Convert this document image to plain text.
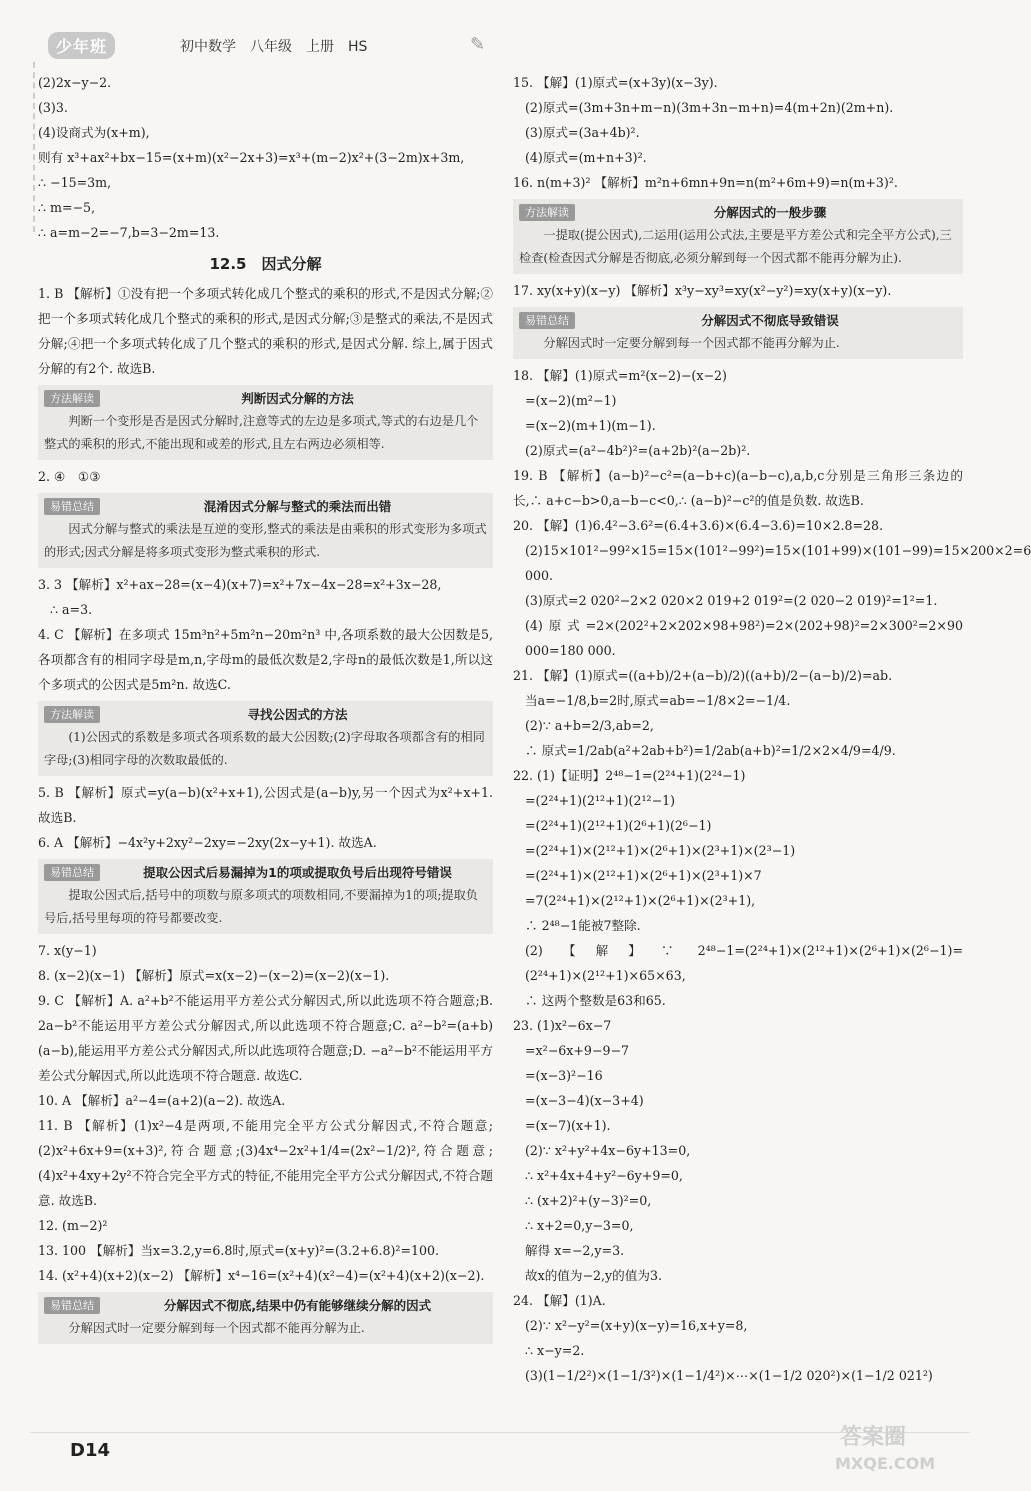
少年班	初中数学　八年级　上册　HS	✎
(2)2x−y−2.
(3)3.
(4)设商式为(x+m),
则有 x³+ax²+bx−15=(x+m)(x²−2x+3)=x³+(m−2)x²+(3−2m)x+3m,
∴ −15=3m,
∴ m=−5,
∴ a=m−2=−7,b=3−2m=13.
12.5　因式分解
1. B 【解析】①没有把一个多项式转化成几个整式的乘积的形式,不是因式分解;②把一个多项式转化成几个整式的乘积的形式,是因式分解;③是整式的乘法,不是因式分解;④把一个多项式转化成了几个整式的乘积的形式,是因式分解. 综上,属于因式分解的有2个. 故选B.
方法解读	判断因式分解的方法
判断一个变形是否是因式分解时,注意等式的左边是多项式,等式的右边是几个整式的乘积的形式,不能出现和或差的形式,且左右两边必须相等.
2. ④　①③
易错总结	混淆因式分解与整式的乘法而出错
因式分解与整式的乘法是互逆的变形,整式的乘法是由乘积的形式变形为多项式的形式;因式分解是将多项式变形为整式乘积的形式.
3. 3 【解析】x²+ax−28=(x−4)(x+7)=x²+7x−4x−28=x²+3x−28,
∴ a=3.
4. C 【解析】在多项式 15m³n²+5m²n−20m²n³ 中,各项系数的最大公因数是5,各项都含有的相同字母是m,n,字母m的最低次数是2,字母n的最低次数是1,所以这个多项式的公因式是5m²n. 故选C.
方法解读	寻找公因式的方法
(1)公因式的系数是多项式各项系数的最大公因数;(2)字母取各项都含有的相同字母;(3)相同字母的次数取最低的.
5. B 【解析】原式=y(a−b)(x²+x+1),公因式是(a−b)y,另一个因式为x²+x+1. 故选B.
6. A 【解析】−4x²y+2xy²−2xy=−2xy(2x−y+1). 故选A.
易错总结	提取公因式后易漏掉为1的项或提取负号后出现符号错误
提取公因式后,括号中的项数与原多项式的项数相同,不要漏掉为1的项;提取负号后,括号里每项的符号都要改变.
7. x(y−1)
8. (x−2)(x−1) 【解析】原式=x(x−2)−(x−2)=(x−2)(x−1).
9. C 【解析】A. a²+b²不能运用平方差公式分解因式,所以此选项不符合题意;B. 2a−b²不能运用平方差公式分解因式,所以此选项不符合题意;C. a²−b²=(a+b)(a−b),能运用平方差公式分解因式,所以此选项符合题意;D. −a²−b²不能运用平方差公式分解因式,所以此选项不符合题意. 故选C.
10. A 【解析】a²−4=(a+2)(a−2). 故选A.
11. B 【解析】(1)x²−4是两项,不能用完全平方公式分解因式,不符合题意;(2)x²+6x+9=(x+3)²,符合题意;(3)4x⁴−2x²+1/4=(2x²−1/2)²,符合题意;(4)x²+4xy+2y²不符合完全平方式的特征,不能用完全平方公式分解因式,不符合题意. 故选B.
12. (m−2)²
13. 100 【解析】当x=3.2,y=6.8时,原式=(x+y)²=(3.2+6.8)²=100.
14. (x²+4)(x+2)(x−2) 【解析】x⁴−16=(x²+4)(x²−4)=(x²+4)(x+2)(x−2).
易错总结	分解因式不彻底,结果中仍有能够继续分解的因式
分解因式时一定要分解到每一个因式都不能再分解为止.
15. 【解】(1)原式=(x+3y)(x−3y).
(2)原式=(3m+3n+m−n)(3m+3n−m+n)=4(m+2n)(2m+n).
(3)原式=(3a+4b)².
(4)原式=(m+n+3)².
16. n(m+3)² 【解析】m²n+6mn+9n=n(m²+6m+9)=n(m+3)².
方法解读	分解因式的一般步骤
一提取(提公因式),二运用(运用公式法,主要是平方差公式和完全平方公式),三检查(检查因式分解是否彻底,必须分解到每一个因式都不能再分解为止).
17. xy(x+y)(x−y) 【解析】x³y−xy³=xy(x²−y²)=xy(x+y)(x−y).
易错总结	分解因式不彻底导致错误
分解因式时一定要分解到每一个因式都不能再分解为止.
18. 【解】(1)原式=m²(x−2)−(x−2)
=(x−2)(m²−1)
=(x−2)(m+1)(m−1).
(2)原式=(a²−4b²)²=(a+2b)²(a−2b)².
19. B 【解析】(a−b)²−c²=(a−b+c)(a−b−c),a,b,c分别是三角形三条边的长,∴ a+c−b>0,a−b−c<0,∴ (a−b)²−c²的值是负数. 故选B.
20. 【解】(1)6.4²−3.6²=(6.4+3.6)×(6.4−3.6)=10×2.8=28.
(2)15×101²−99²×15=15×(101²−99²)=15×(101+99)×(101−99)=15×200×2=6 000.
(3)原式=2 020²−2×2 020×2 019+2 019²=(2 020−2 019)²=1²=1.
(4)原式=2×(202²+2×202×98+98²)=2×(202+98)²=2×300²=2×90 000=180 000.
21. 【解】(1)原式=((a+b)/2+(a−b)/2)((a+b)/2−(a−b)/2)=ab.
当a=−1/8,b=2时,原式=ab=−1/8×2=−1/4.
(2)∵ a+b=2/3,ab=2,
∴ 原式=1/2ab(a²+2ab+b²)=1/2ab(a+b)²=1/2×2×4/9=4/9.
22. (1)【证明】2⁴⁸−1=(2²⁴+1)(2²⁴−1)
=(2²⁴+1)(2¹²+1)(2¹²−1)
=(2²⁴+1)(2¹²+1)(2⁶+1)(2⁶−1)
=(2²⁴+1)×(2¹²+1)×(2⁶+1)×(2³+1)×(2³−1)
=(2²⁴+1)×(2¹²+1)×(2⁶+1)×(2³+1)×7
=7(2²⁴+1)×(2¹²+1)×(2⁶+1)×(2³+1),
∴ 2⁴⁸−1能被7整除.
(2)【解】∵ 2⁴⁸−1=(2²⁴+1)×(2¹²+1)×(2⁶+1)×(2⁶−1)=(2²⁴+1)×(2¹²+1)×65×63,
∴ 这两个整数是63和65.
23. (1)x²−6x−7
=x²−6x+9−9−7
=(x−3)²−16
=(x−3−4)(x−3+4)
=(x−7)(x+1).
(2)∵ x²+y²+4x−6y+13=0,
∴ x²+4x+4+y²−6y+9=0,
∴ (x+2)²+(y−3)²=0,
∴ x+2=0,y−3=0,
解得 x=−2,y=3.
故x的值为−2,y的值为3.
24. 【解】(1)A.
(2)∵ x²−y²=(x+y)(x−y)=16,x+y=8,
∴ x−y=2.
(3)(1−1/2²)×(1−1/3²)×(1−1/4²)×⋯×(1−1/2 020²)×(1−1/2 021²)
D14
答案圈
MXQE.COM
